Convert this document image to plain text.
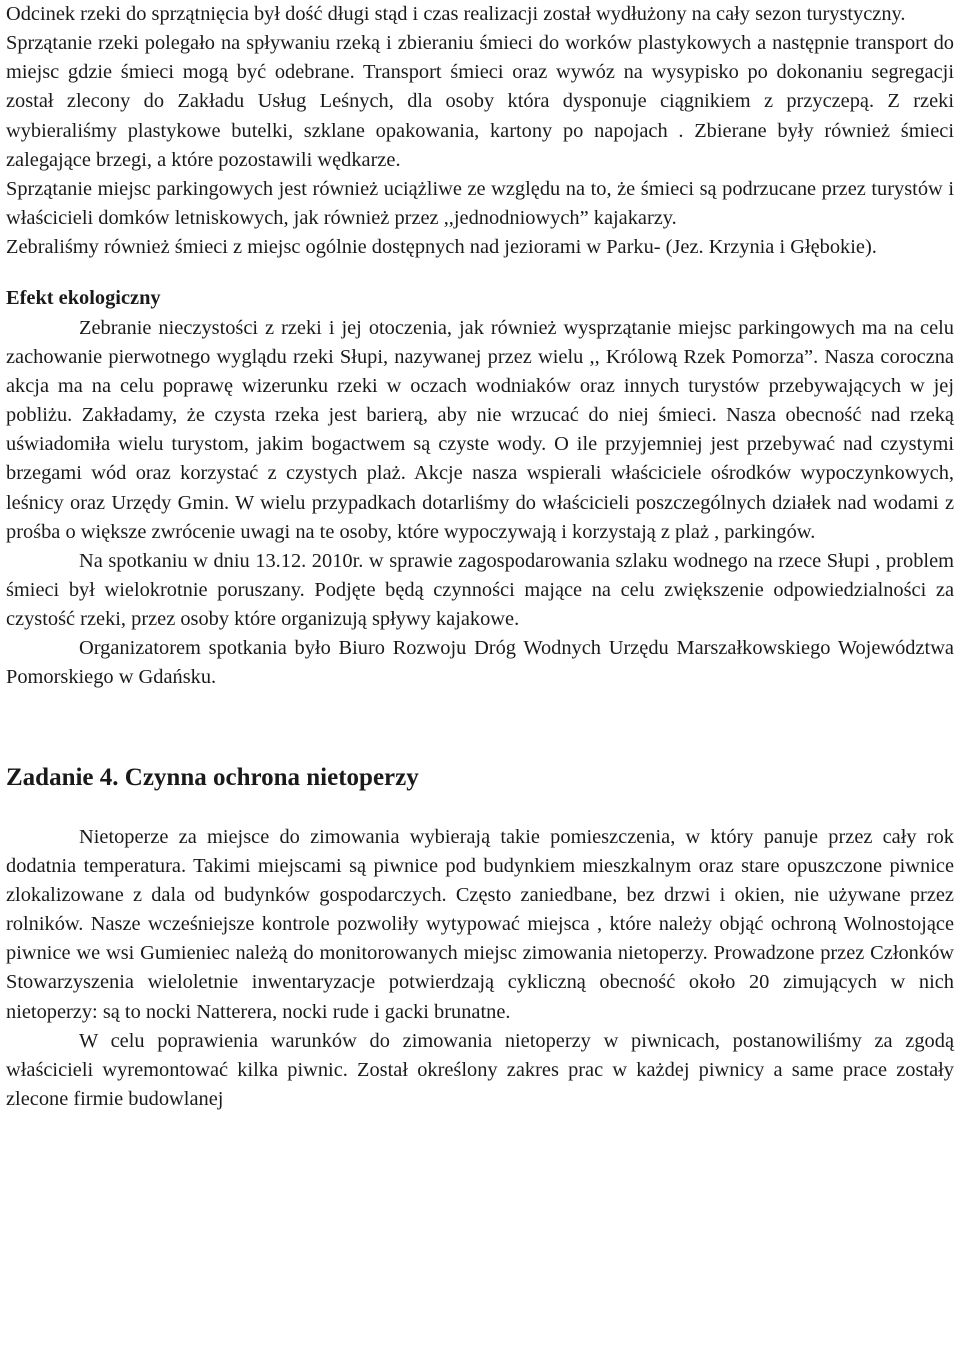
Odcinek rzeki do sprzątnięcia był dość długi stąd i czas realizacji został wydłużony na cały sezon turystyczny.

Sprzątanie rzeki polegało na spływaniu rzeką i zbieraniu śmieci do worków plastykowych a następnie transport do miejsc gdzie śmieci mogą być odebrane. Transport śmieci oraz wywóz na wysypisko po dokonaniu segregacji został zlecony do Zakładu Usług Leśnych, dla osoby która dysponuje ciągnikiem z przyczepą. Z rzeki wybieraliśmy plastykowe butelki, szklane opakowania, kartony po napojach . Zbierane były również śmieci zalegające brzegi, a które pozostawili wędkarze.

Sprzątanie miejsc parkingowych jest również uciążliwe ze względu na to, że śmieci są podrzucane przez turystów i właścicieli domków letniskowych, jak również przez ,,jednodniowych” kajakarzy.

Zebraliśmy również śmieci z miejsc ogólnie dostępnych nad jeziorami w Parku- (Jez. Krzynia i Głębokie).

Efekt ekologiczny

Zebranie nieczystości z rzeki i jej otoczenia, jak również wysprzątanie miejsc parkingowych ma na celu zachowanie pierwotnego wyglądu rzeki Słupi, nazywanej przez wielu ,, Królową Rzek Pomorza”. Nasza coroczna akcja ma na celu poprawę wizerunku rzeki w oczach wodniaków oraz innych turystów przebywających w jej pobliżu. Zakładamy, że czysta rzeka jest barierą, aby nie wrzucać do niej śmieci. Nasza obecność nad rzeką uświadomiła wielu turystom, jakim bogactwem są czyste wody. O ile przyjemniej jest przebywać nad czystymi brzegami wód oraz korzystać z czystych plaż. Akcje nasza wspierali właściciele ośrodków wypoczynkowych, leśnicy oraz Urzędy Gmin. W wielu przypadkach dotarliśmy do właścicieli poszczególnych działek nad wodami z prośba o większe zwrócenie uwagi na te osoby, które wypoczywają i korzystają z plaż , parkingów.

Na spotkaniu w dniu 13.12. 2010r. w sprawie zagospodarowania szlaku wodnego na rzece Słupi , problem śmieci był wielokrotnie poruszany. Podjęte będą czynności mające na celu zwiększenie odpowiedzialności za czystość rzeki, przez osoby które organizują spływy kajakowe.

Organizatorem spotkania było Biuro Rozwoju Dróg Wodnych Urzędu Marszałkowskiego Województwa Pomorskiego w Gdańsku.

Zadanie 4. Czynna ochrona nietoperzy

Nietoperze za miejsce do zimowania wybierają takie pomieszczenia, w który panuje przez cały rok dodatnia temperatura. Takimi miejscami są piwnice pod budynkiem mieszkalnym oraz stare opuszczone piwnice zlokalizowane z dala od budynków gospodarczych. Często zaniedbane, bez drzwi i okien, nie używane przez rolników. Nasze wcześniejsze kontrole pozwoliły wytypować miejsca , które należy objąć ochroną Wolnostojące piwnice we wsi Gumieniec należą do monitorowanych miejsc zimowania nietoperzy. Prowadzone przez Członków Stowarzyszenia wieloletnie inwentaryzacje potwierdzają cykliczną obecność około 20 zimujących w nich nietoperzy: są to nocki Natterera, nocki rude i gacki brunatne.

W celu poprawienia warunków do zimowania nietoperzy w piwnicach, postanowiliśmy za zgodą właścicieli wyremontować kilka piwnic. Został określony zakres prac w każdej piwnicy a same prace zostały zlecone firmie budowlanej
